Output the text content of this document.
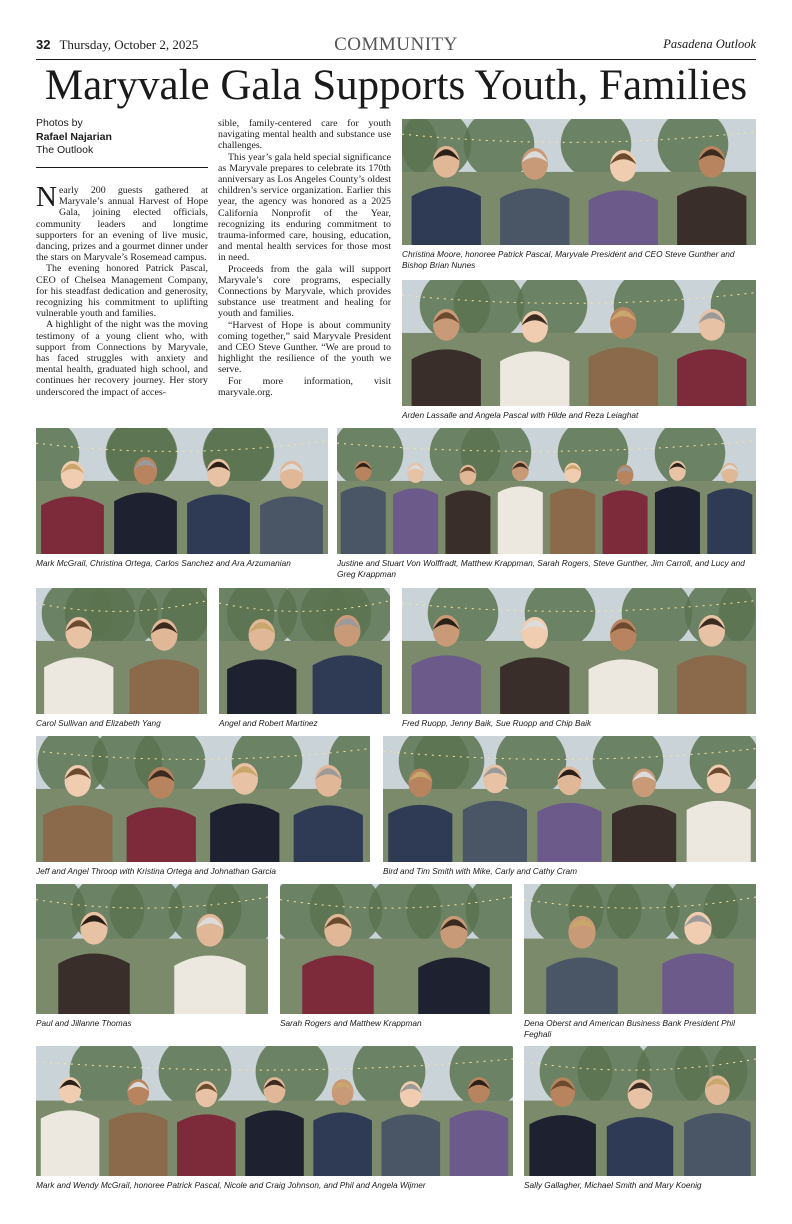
32 Thursday, October 2, 2025	COMMUNITY	Pasadena Outlook
Maryvale Gala Supports Youth, Families
Photos by
Rafael Najarian
The Outlook

Nearly 200 guests gathered at Maryvale’s annual Harvest of Hope Gala, joining elected officials, community leaders and longtime supporters for an evening of live music, dancing, prizes and a gourmet dinner under the stars on Maryvale’s Rosemead campus.

The evening honored Patrick Pascal, CEO of Chelsea Management Company, for his steadfast dedication and generosity, recognizing his commitment to uplifting vulnerable youth and families.

A highlight of the night was the moving testimony of a young client who, with support from Connections by Maryvale, has faced struggles with anxiety and mental health, graduated high school, and continues her recovery journey. Her story underscored the impact of acces-

sible, family-centered care for youth navigating mental health and substance use challenges.

This year’s gala held special significance as Maryvale prepares to celebrate its 170th anniversary as Los Angeles County’s oldest children’s service organization. Earlier this year, the agency was honored as a 2025 California Nonprofit of the Year, recognizing its enduring commitment to trauma-informed care, housing, education, and mental health services for those most in need.

Proceeds from the gala will support Maryvale’s core programs, especially Connections by Maryvale, which provides substance use treatment and healing for youth and families.

“Harvest of Hope is about community coming together,” said Maryvale President and CEO Steve Gunther. “We are proud to highlight the resilience of the youth we serve.

For more information, visit maryvale.org.

Christina Moore, honoree Patrick Pascal, Maryvale President and CEO Steve Gunther and Bishop Brian Nunes
Arden Lassalle and Angela Pascal with Hilde and Reza Leiaghat
Mark McGrail, Christina Ortega, Carlos Sanchez and Ara Arzumanian	Justine and Stuart Von Wolffradt, Matthew Krappman, Sarah Rogers, Steve Gunther, Jim Carroll, and Lucy and Greg Krappman
Carol Sullivan and Elizabeth Yang	Angel and Robert Martinez	Fred Ruopp, Jenny Baik, Sue Ruopp and Chip Baik
Jeff and Angel Throop with Kristina Ortega and Johnathan Garcia	Bird and Tim Smith with Mike, Carly and Cathy Cram
Paul and Jillanne Thomas	Sarah Rogers and Matthew Krappman	Dena Oberst and American Business Bank President Phil Feghali
Mark and Wendy McGrail, honoree Patrick Pascal, Nicole and Craig Johnson, and Phil and Angela Wijmer	Sally Gallagher, Michael Smith and Mary Koenig
